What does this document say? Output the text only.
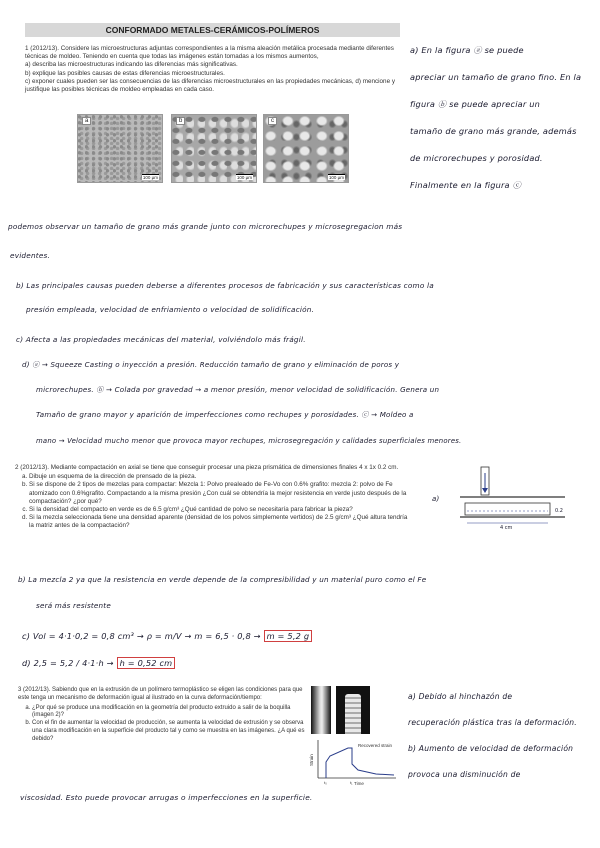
CONFORMADO METALES-CERÁMICOS-POLÍMEROS
1 (2012/13). Considere las microestructuras adjuntas correspondientes a la misma aleación metálica procesada mediante diferentes técnicas de moldeo. Teniendo en cuenta que todas las imágenes están tomadas a los mismos aumentos,
a) describa las microestructuras indicando las diferencias más significativas.
b) explique las posibles causas de estas diferencias microestructurales.
c) exponer cuales pueden ser las consecuencias de las diferencias microestructurales en las propiedades mecánicas, d) mencione y justifique las posibles técnicas de moldeo empleadas en cada caso.
a
100 µm
b
100 µm
c
100 µm
a) En la figura ⓐ se puede
apreciar un tamaño de grano fino. En la
figura ⓑ se puede apreciar un
tamaño de grano más grande, además
de microrechupes y porosidad.
Finalmente en la figura ⓒ
podemos observar un tamaño de grano más grande junto con microrechupes y microsegregacion más
evidentes.
b) Las principales causas pueden deberse a diferentes procesos de fabricación y sus características como la
presión empleada, velocidad de enfriamiento o velocidad de solidificación.
c) Afecta a las propiedades mecánicas del material, volviéndolo más frágil.
d) ⓐ → Squeeze Casting o inyección a presión. Reducción tamaño de grano y eliminación de poros y
microrechupes. ⓑ → Colada por gravedad → a menor presión, menor velocidad de solidificación. Genera un
Tamaño de grano mayor y aparición de imperfecciones como rechupes y porosidades. ⓒ → Moldeo a
mano → Velocidad mucho menor que provoca mayor rechupes, microsegregación y calidades superficiales menores.
2 (2012/13). Mediante compactación en axial se tiene que conseguir procesar una pieza prismática de dimensiones finales 4 x 1x 0.2 cm.
a. Dibuje un esquema de la dirección de prensado de la pieza.
b. Si se dispone de 2 tipos de mezclas para compactar: Mezcla 1: Polvo preaIeado de Fe-Vo con 0.6% grafito: mezcla 2: polvo de Fe atomizado con 0.6%grafito. Compactando a la misma presión ¿Con cuál se obtendría la mejor resistencia en verde justo después de la compactación? ¿por qué?
c. Si la densidad del compacto en verde es de 6.5 g/cm³ ¿Qué cantidad de polvo se necesitaría para fabricar la pieza?
d. Si la mezcla seleccionada tiene una densidad aparente (densidad de los polvos simplemente vertidos) de 2.5 g/cm³ ¿Qué altura tendría la matriz antes de la compactación?
a)
0.2
4 cm
b) La mezcla 2 ya que la resistencia en verde depende de la compresibilidad y un material puro como el Fe
será más resistente
c) Vol = 4·1·0,2 = 0,8 cm³ → ρ = m/V → m = 6,5 · 0,8 → m = 5,2 g
d) 2,5 = 5,2 / 4·1·h → h = 0,52 cm
3 (2012/13). Sabiendo que en la extrusión de un polímero termoplástico se eligen las condiciones para que este tenga un mecanismo de deformación igual al ilustrado en la curva deformación/tiempo:
a. ¿Por qué se produce una modificación en la geometría del producto extruido a salir de la boquilla (imagen 2)?
b. Con el fin de aumentar la velocidad de producción, se aumenta la velocidad de extrusión y se observa una clara modificación en la superficie del producto tal y como se muestra en las imágenes. ¿A qué es debido?
Strain
Time
Recovered strain
t₀	t₁
a) Debido al hinchazón de
recuperación plástica tras la deformación.
b) Aumento de velocidad de deformación
provoca una disminución de
viscosidad. Esto puede provocar arrugas o imperfecciones en la superficie.
